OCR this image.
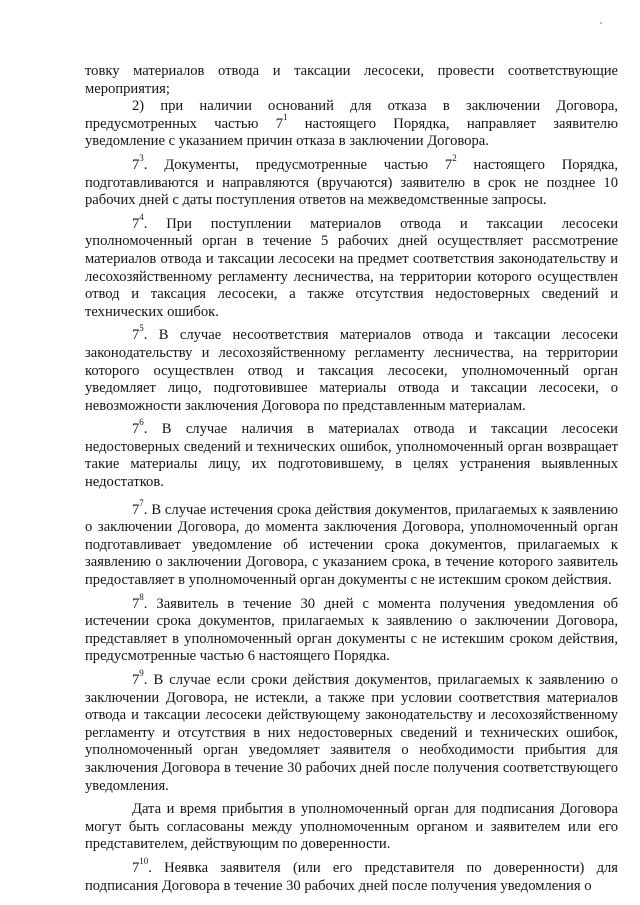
товку материалов отвода и таксации лесосеки, провести соответствующие мероприятия;

2) при наличии оснований для отказа в заключении Договора, предусмотренных частью $7^1$ настоящего Порядка, направляет заявителю уведомление с указанием причин отказа в заключении Договора.

$7^3$. Документы, предусмотренные частью $7^2$ настоящего Порядка, подготавливаются и направляются (вручаются) заявителю в срок не позднее 10 рабочих дней с даты поступления ответов на межведомственные запросы.

$7^4$. При поступлении материалов отвода и таксации лесосеки уполномоченный орган в течение 5 рабочих дней осуществляет рассмотрение материалов отвода и таксации лесосеки на предмет соответствия законодательству и лесохозяйственному регламенту лесничества, на территории которого осуществлен отвод и таксация лесосеки, а также отсутствия недостоверных сведений и технических ошибок.

$7^5$. В случае несоответствия материалов отвода и таксации лесосеки законодательству и лесохозяйственному регламенту лесничества, на территории которого осуществлен отвод и таксация лесосеки, уполномоченный орган уведомляет лицо, подготовившее материалы отвода и таксации лесосеки, о невозможности заключения Договора по представленным материалам.

$7^6$. В случае наличия в материалах отвода и таксации лесосеки недостоверных сведений и технических ошибок, уполномоченный орган возвращает такие материалы лицу, их подготовившему, в целях устранения выявленных недостатков.

$7^7$. В случае истечения срока действия документов, прилагаемых к заявлению о заключении Договора, до момента заключения Договора, уполномоченный орган подготавливает уведомление об истечении срока документов, прилагаемых к заявлению о заключении Договора, с указанием срока, в течение которого заявитель предоставляет в уполномоченный орган документы с не истекшим сроком действия.

$7^8$. Заявитель в течение 30 дней с момента получения уведомления об истечении срока документов, прилагаемых к заявлению о заключении Договора, представляет в уполномоченный орган документы с не истекшим сроком действия, предусмотренные частью 6 настоящего Порядка.

$7^9$. В случае если сроки действия документов, прилагаемых к заявлению о заключении Договора, не истекли, а также при условии соответствия материалов отвода и таксации лесосеки действующему законодательству и лесохозяйственному регламенту и отсутствия в них недостоверных сведений и технических ошибок, уполномоченный орган уведомляет заявителя о необходимости прибытия для заключения Договора в течение 30 рабочих дней после получения соответствующего уведомления.

Дата и время прибытия в уполномоченный орган для подписания Договора могут быть согласованы между уполномоченным органом и заявителем или его представителем, действующим по доверенности.

$7^{10}$. Неявка заявителя (или его представителя по доверенности) для подписания Договора в течение 30 рабочих дней после получения уведомления о
